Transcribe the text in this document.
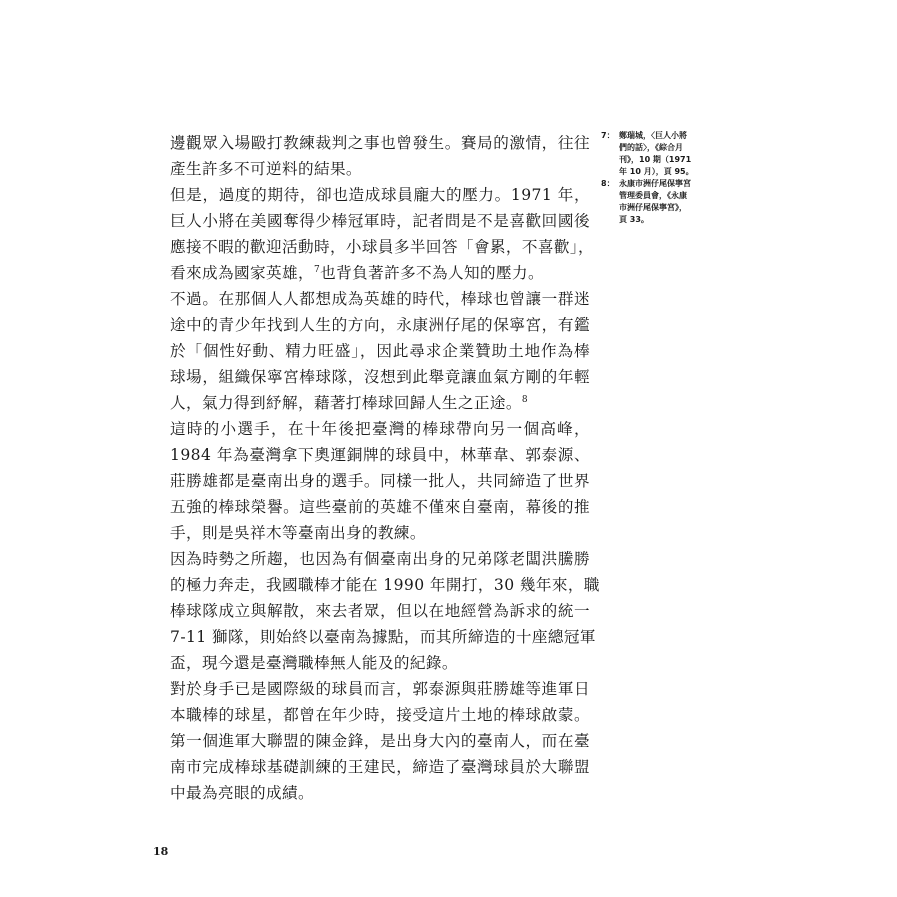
邊觀眾入場毆打教練裁判之事也曾發生。賽局的激情，往往
產生許多不可逆料的結果。
但是，過度的期待，卻也造成球員龐大的壓力。1971 年，
巨人小將在美國奪得少棒冠軍時，記者問是不是喜歡回國後
應接不暇的歡迎活動時，小球員多半回答「會累，不喜歡」，
看來成為國家英雄，$^7$也背負著許多不為人知的壓力。
不過。在那個人人都想成為英雄的時代，棒球也曾讓一群迷
途中的青少年找到人生的方向，永康洲仔尾的保寧宮，有鑑
於「個性好動、精力旺盛」，因此尋求企業贊助土地作為棒
球場，組織保寧宮棒球隊，沒想到此舉竟讓血氣方剛的年輕
人，氣力得到紓解，藉著打棒球回歸人生之正途。$^8$
這時的小選手，在十年後把臺灣的棒球帶向另一個高峰，
1984 年為臺灣拿下奧運銅牌的球員中，林華韋、郭泰源、
莊勝雄都是臺南出身的選手。同樣一批人，共同締造了世界
五強的棒球榮譽。這些臺前的英雄不僅來自臺南，幕後的推
手，則是吳祥木等臺南出身的教練。
因為時勢之所趨，也因為有個臺南出身的兄弟隊老闆洪騰勝
的極力奔走，我國職棒才能在 1990 年開打，30 幾年來，職
棒球隊成立與解散，來去者眾，但以在地經營為訴求的統一
7-11 獅隊，則始終以臺南為據點，而其所締造的十座總冠軍
盃，現今還是臺灣職棒無人能及的紀錄。
對於身手已是國際級的球員而言，郭泰源與莊勝雄等進軍日
本職棒的球星，都曾在年少時，接受這片土地的棒球啟蒙。
第一個進軍大聯盟的陳金鋒，是出身大內的臺南人，而在臺
南市完成棒球基礎訓練的王建民，締造了臺灣球員於大聯盟
中最為亮眼的成績。
7： 鄭瑞城，〈巨人小將
們的話〉，《綜合月
刊》，10 期（1971
年 10 月），頁 95。
8： 永康市洲仔尾保寧宮
管理委員會，《永康
市洲仔尾保寧宮》，
頁 33。
18
